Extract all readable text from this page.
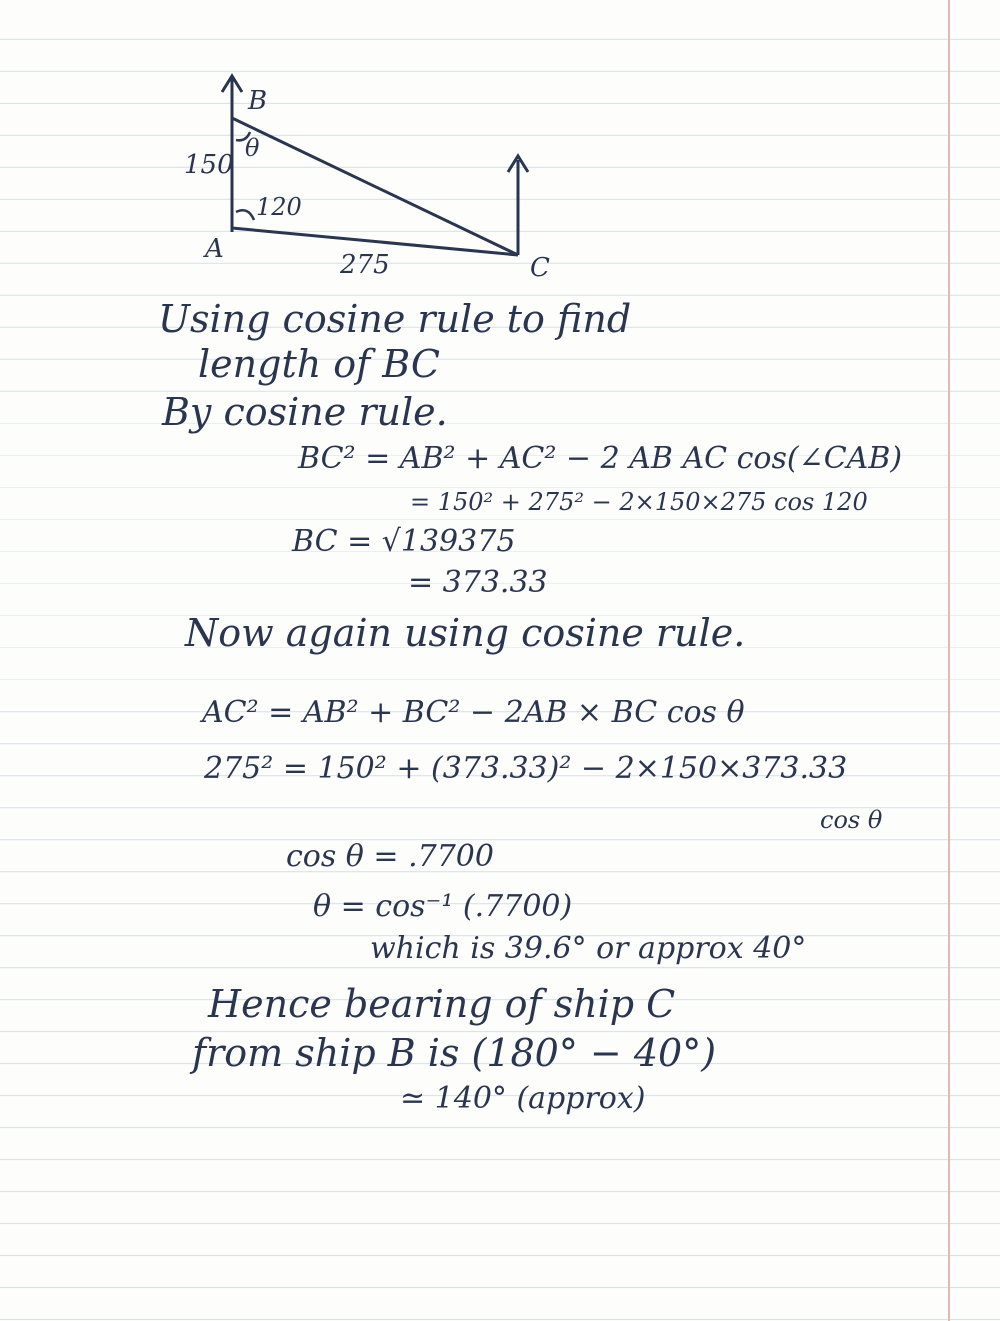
B
A
C
150
275
120
θ
Using cosine rule to find
length of BC
By cosine rule.
BC² = AB² + AC² − 2 AB AC cos(∠CAB)
= 150² + 275² − 2×150×275 cos 120
BC = √139375
= 373.33
Now again using cosine rule.
AC² = AB² + BC² − 2AB × BC cos θ
275² = 150² + (373.33)² − 2×150×373.33
cos θ
cos θ = .7700
θ = cos⁻¹ (.7700)
which is 39.6° or approx 40°
Hence bearing of ship C
from ship B is (180° − 40°)
≃ 140° (approx)
